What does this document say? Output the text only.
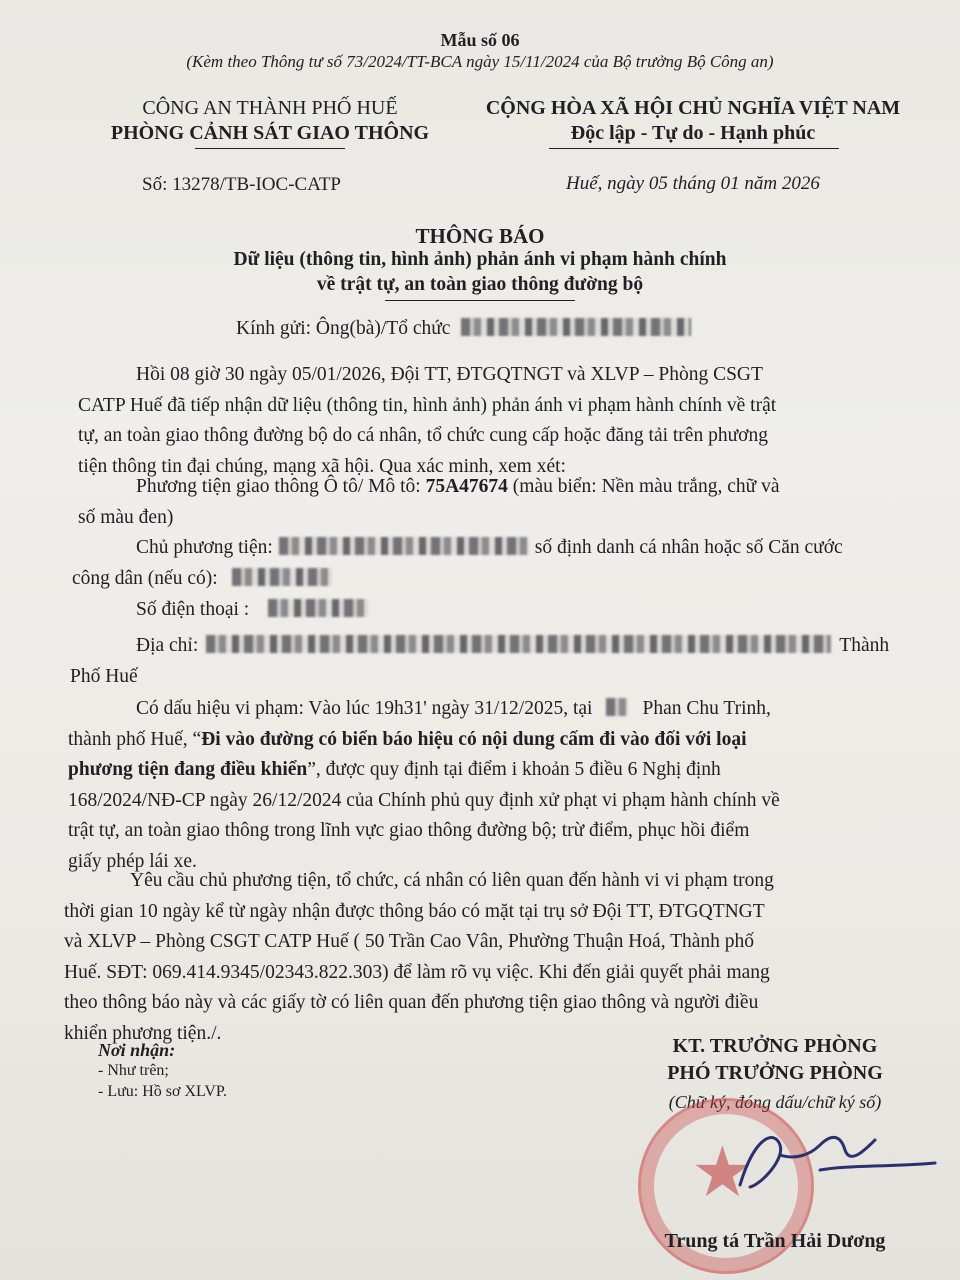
Mẫu số 06
(Kèm theo Thông tư số 73/2024/TT-BCA ngày 15/11/2024 của Bộ trưởng Bộ Công an)
CÔNG AN THÀNH PHỐ HUẾ
PHÒNG CẢNH SÁT GIAO THÔNG
Số: 13278/TB-IOC-CATP
CỘNG HÒA XÃ HỘI CHỦ NGHĨA VIỆT NAM
Độc lập - Tự do - Hạnh phúc
Huế, ngày 05 tháng 01 năm 2026
THÔNG BÁO
Dữ liệu (thông tin, hình ảnh) phản ánh vi phạm hành chính
về trật tự, an toàn giao thông đường bộ
Kính gửi: Ông(bà)/Tổ chức
Hồi 08 giờ 30 ngày 05/01/2026, Đội TT, ĐTGQTNGT và XLVP – Phòng CSGT
CATP Huế đã tiếp nhận dữ liệu (thông tin, hình ảnh) phản ánh vi phạm hành chính về trật
tự, an toàn giao thông đường bộ do cá nhân, tổ chức cung cấp hoặc đăng tải trên phương
tiện thông tin đại chúng, mạng xã hội. Qua xác minh, xem xét:
Phương tiện giao thông Ô tô/ Mô tô: 75A47674 (màu biển: Nền màu trắng, chữ và
số màu đen)
Chủ phương tiện:	số định danh cá nhân hoặc số Căn cước
công dân (nếu có):
Số điện thoại :
Địa chỉ:	Thành
Phố Huế
Có dấu hiệu vi phạm: Vào lúc 19h31' ngày 31/12/2025, tại	Phan Chu Trinh,
thành phố Huế, “Đi vào đường có biển báo hiệu có nội dung cấm đi vào đối với loại
phương tiện đang điều khiển”, được quy định tại điểm i khoản 5 điều 6 Nghị định
168/2024/NĐ-CP ngày 26/12/2024 của Chính phủ quy định xử phạt vi phạm hành chính về
trật tự, an toàn giao thông trong lĩnh vực giao thông đường bộ; trừ điểm, phục hồi điểm
giấy phép lái xe.
Yêu cầu chủ phương tiện, tổ chức, cá nhân có liên quan đến hành vi vi phạm trong
thời gian 10 ngày kể từ ngày nhận được thông báo có mặt tại trụ sở Đội TT, ĐTGQTNGT
và XLVP – Phòng CSGT CATP Huế ( 50 Trần Cao Vân, Phường Thuận Hoá, Thành phố
Huế. SĐT: 069.414.9345/02343.822.303) để làm rõ vụ việc. Khi đến giải quyết phải mang
theo thông báo này và các giấy tờ có liên quan đến phương tiện giao thông và người điều
khiển phương tiện./.
Nơi nhận:
- Như trên;
- Lưu: Hồ sơ XLVP.
KT. TRƯỞNG PHÒNG
PHÓ TRƯỞNG PHÒNG
(Chữ ký, đóng dấu/chữ ký số)
★
Trung tá Trần Hải Dương
